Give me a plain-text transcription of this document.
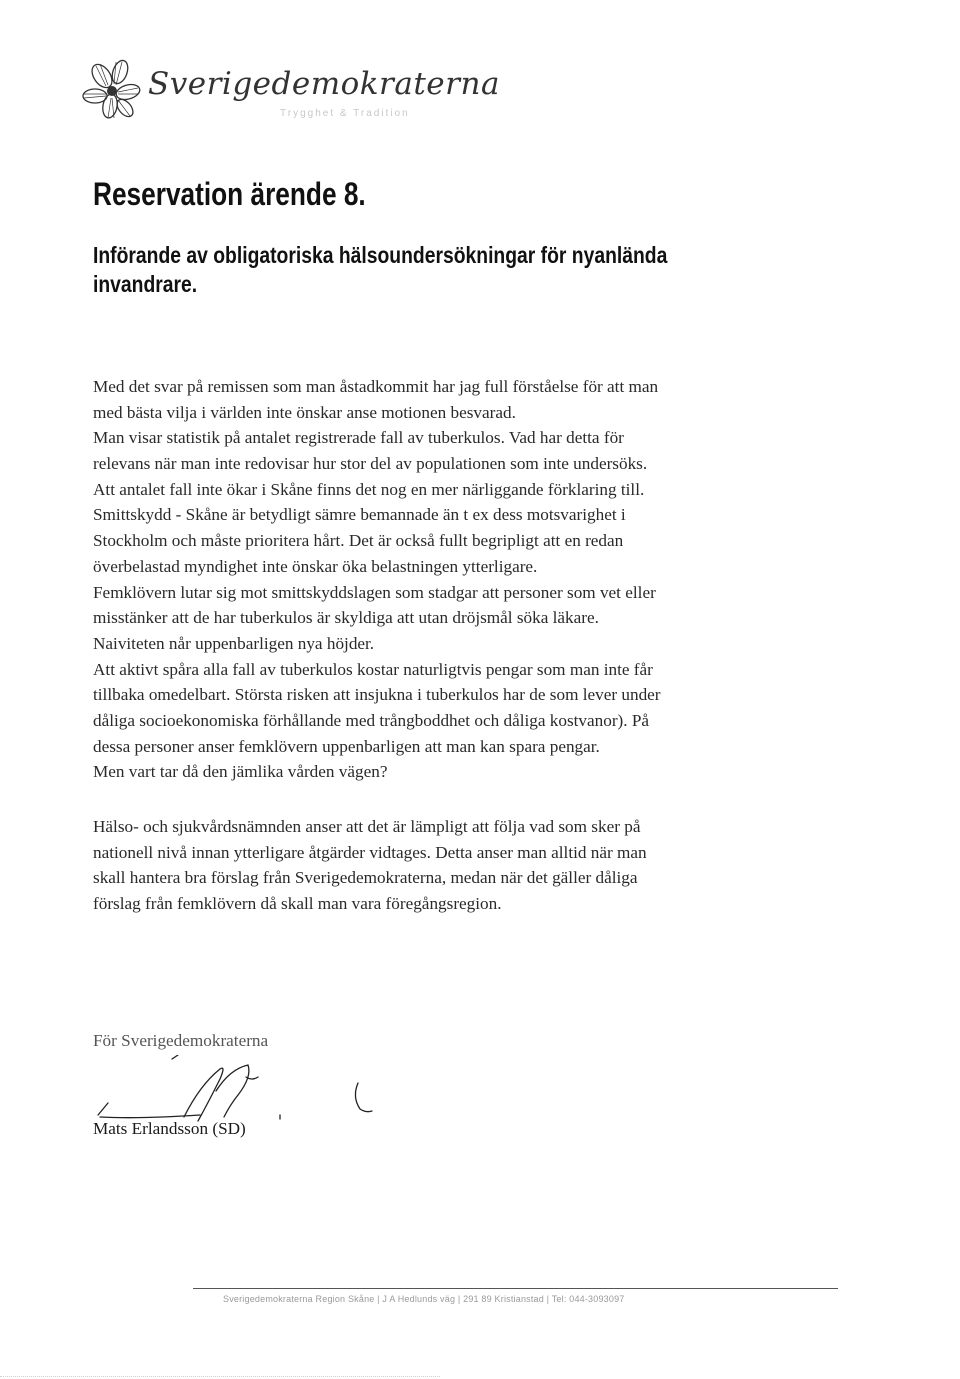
Sverigedemokraterna
Trygghet & Tradition
Reservation ärende 8.
Införande av obligatoriska hälsoundersökningar för nyanlända invandrare.
Med det svar på remissen som man åstadkommit har jag full förståelse för att man
med bästa vilja i världen inte önskar anse motionen besvarad.
Man visar statistik på antalet registrerade fall av tuberkulos. Vad har detta för
relevans när man inte redovisar hur stor del av populationen som inte undersöks.
Att antalet fall inte ökar i Skåne finns det nog en mer närliggande förklaring till.
Smittskydd - Skåne är betydligt sämre bemannade än t ex dess motsvarighet i
Stockholm och måste prioritera hårt. Det är också fullt begripligt att en redan
överbelastad myndighet inte önskar öka belastningen ytterligare.
Femklövern lutar sig mot smittskyddslagen som stadgar att personer som vet eller
misstänker att de har tuberkulos är skyldiga att utan dröjsmål söka läkare.
Naiviteten når uppenbarligen nya höjder.
Att aktivt spåra alla fall av tuberkulos kostar naturligtvis pengar som man inte får
tillbaka omedelbart. Största risken att insjukna i tuberkulos har de som lever under
dåliga socioekonomiska förhållande med trångboddhet och dåliga kostvanor). På
dessa personer anser femklövern uppenbarligen att man kan spara pengar.
Men vart tar då den jämlika vården vägen?
Hälso- och sjukvårdsnämnden anser att det är lämpligt att följa vad som sker på
nationell nivå innan ytterligare åtgärder vidtages. Detta anser man alltid när man
skall hantera bra förslag från Sverigedemokraterna, medan när det gäller dåliga
förslag från femklövern då skall man vara föregångsregion.
För Sverigedemokraterna
Mats Erlandsson (SD)
Sverigedemokraterna Region Skåne | J A Hedlunds väg | 291 89 Kristianstad | Tel: 044-3093097
